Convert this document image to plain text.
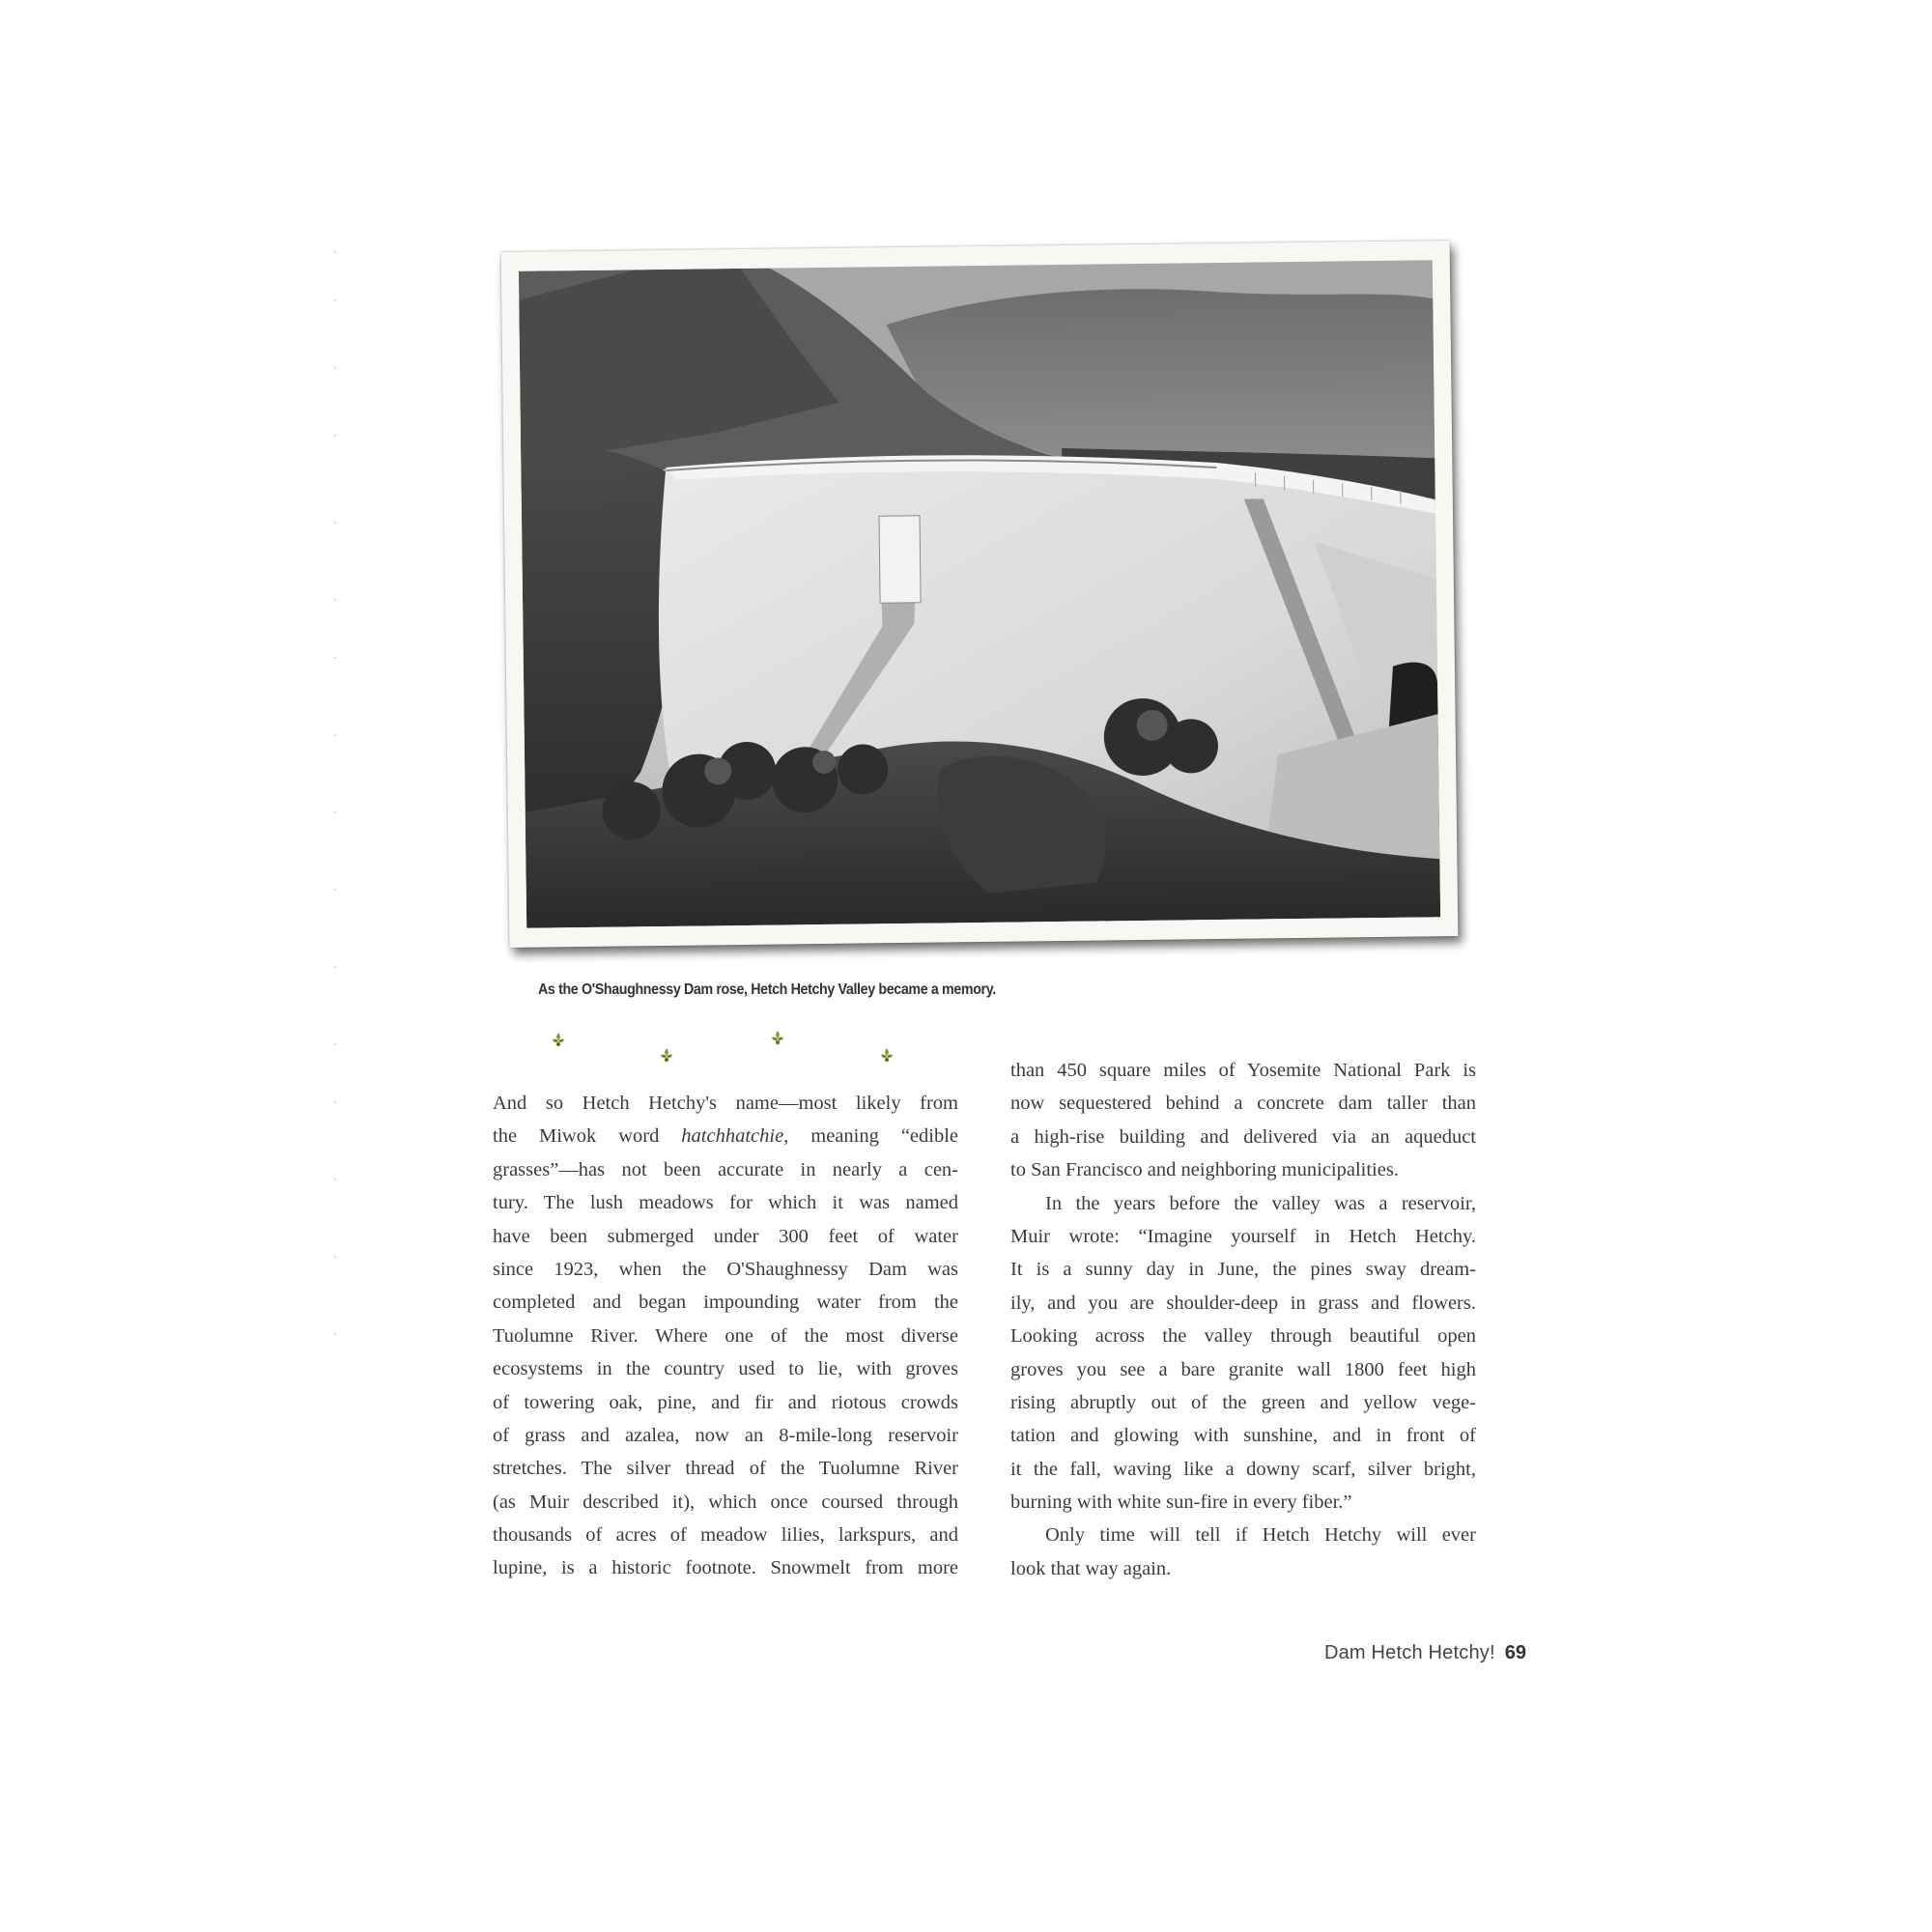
As the O'Shaughnessy Dam rose, Hetch Hetchy Valley became a memory.
And so Hetch Hetchy's name—most likely from
the Miwok word hatchhatchie, meaning “edible
grasses”—has not been accurate in nearly a cen-
tury. The lush meadows for which it was named
have been submerged under 300 feet of water
since 1923, when the O'Shaughnessy Dam was
completed and began impounding water from the
Tuolumne River. Where one of the most diverse
ecosystems in the country used to lie, with groves
of towering oak, pine, and fir and riotous crowds
of grass and azalea, now an 8-mile-long reservoir
stretches. The silver thread of the Tuolumne River
(as Muir described it), which once coursed through
thousands of acres of meadow lilies, larkspurs, and
lupine, is a historic footnote. Snowmelt from more
than 450 square miles of Yosemite National Park is
now sequestered behind a concrete dam taller than
a high-rise building and delivered via an aqueduct
to San Francisco and neighboring municipalities.
In the years before the valley was a reservoir,
Muir wrote: “Imagine yourself in Hetch Hetchy.
It is a sunny day in June, the pines sway dream-
ily, and you are shoulder-deep in grass and flowers.
Looking across the valley through beautiful open
groves you see a bare granite wall 1800 feet high
rising abruptly out of the green and yellow vege-
tation and glowing with sunshine, and in front of
it the fall, waving like a downy scarf, silver bright,
burning with white sun-fire in every fiber.”
Only time will tell if Hetch Hetchy will ever
look that way again.
Dam Hetch Hetchy! 69
